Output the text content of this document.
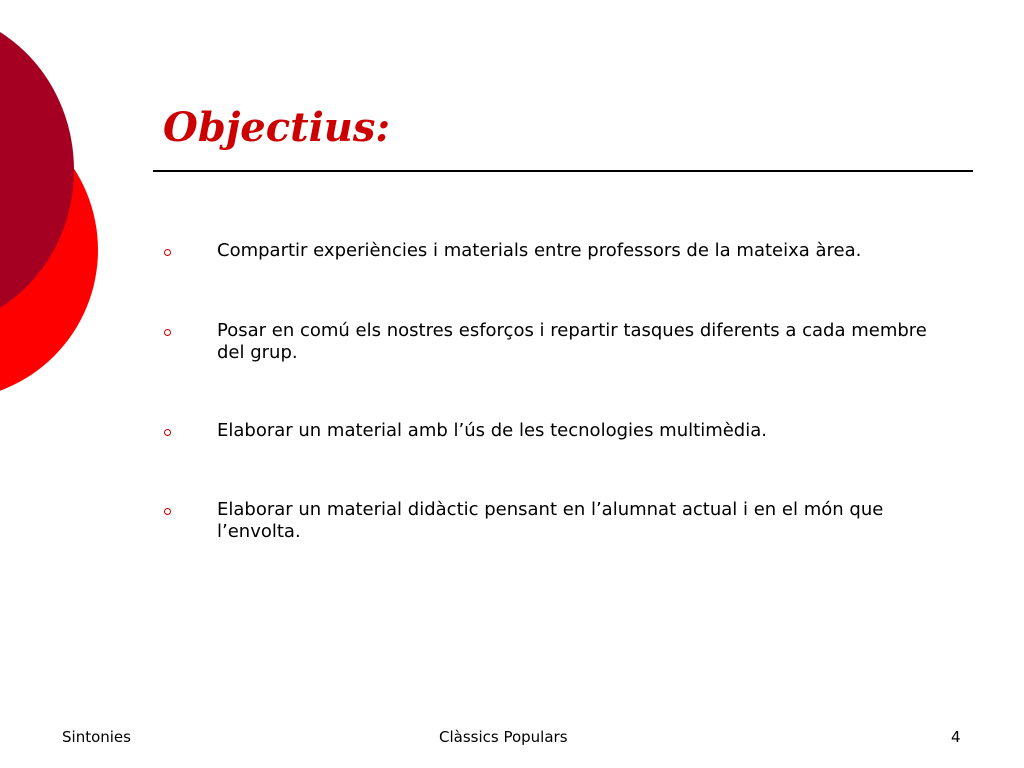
Objectius:
Compartir experiències i materials entre professors de la mateixa àrea.
Posar en comú els nostres esforços i repartir tasques diferents a cada membre del grup.
Elaborar un material amb l’ús de les tecnologies multimèdia.
Elaborar un material didàctic pensant en l’alumnat actual i en el món que l’envolta.

Sintonies	Clàssics Populars	4
